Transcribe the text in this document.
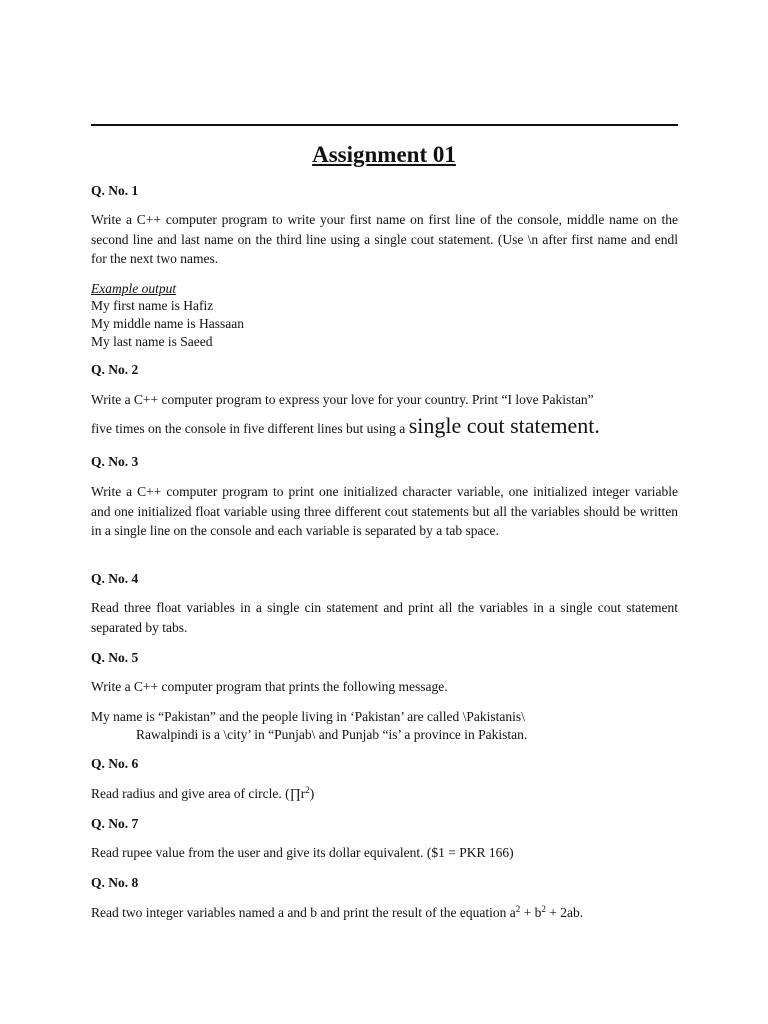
Assignment 01
Q. No. 1
Write a C++ computer program to write your first name on first line of the console, middle name on the second line and last name on the third line using a single cout statement. (Use \n after first name and endl for the next two names.
Example output
My first name is Hafiz
My middle name is Hassaan
My last name is Saeed
Q. No. 2
Write a C++ computer program to express your love for your country. Print “I love Pakistan”
five times on the console in five different lines but using a single cout statement.
Q. No. 3
Write a C++ computer program to print one initialized character variable, one initialized integer variable and one initialized float variable using three different cout statements but all the variables should be written in a single line on the console and each variable is separated by a tab space.
Q. No. 4
Read three float variables in a single cin statement and print all the variables in a single cout statement separated by tabs.
Q. No. 5
Write a C++ computer program that prints the following message.
My name is “Pakistan” and the people living in ‘Pakistan’ are called \Pakistanis\
Rawalpindi is a \city’ in “Punjab\ and Punjab “is’ a province in Pakistan.
Q. No. 6
Read radius and give area of circle. $(\prod r^2)$
Q. No. 7
Read rupee value from the user and give its dollar equivalent. ($1 = PKR 166)
Q. No. 8
Read two integer variables named a and b and print the result of the equation $a^2 + b^2 + 2ab$.
